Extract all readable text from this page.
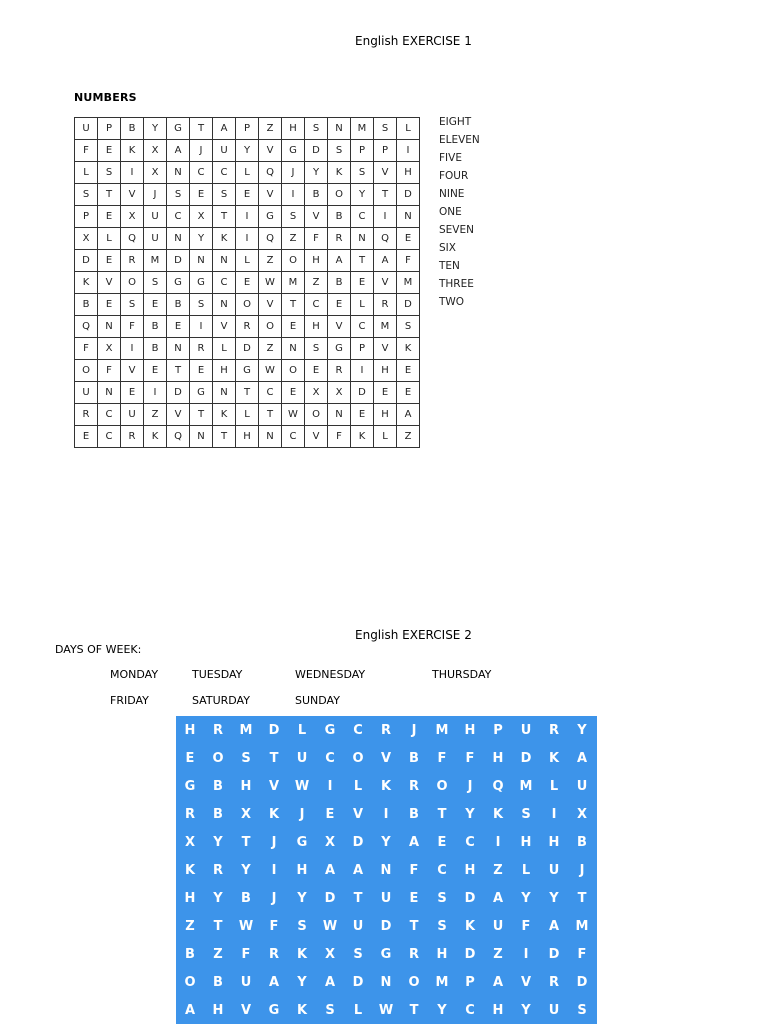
English EXERCISE 1
NUMBERS
U	P	B	Y	G	T	A	P	Z	H	S	N	M	S	L
F	E	K	X	A	J	U	Y	V	G	D	S	P	P	I
L	S	I	X	N	C	C	L	Q	J	Y	K	S	V	H
S	T	V	J	S	E	S	E	V	I	B	O	Y	T	D
P	E	X	U	C	X	T	I	G	S	V	B	C	I	N
X	L	Q	U	N	Y	K	I	Q	Z	F	R	N	Q	E
D	E	R	M	D	N	N	L	Z	O	H	A	T	A	F
K	V	O	S	G	G	C	E	W	M	Z	B	E	V	M
B	E	S	E	B	S	N	O	V	T	C	E	L	R	D
Q	N	F	B	E	I	V	R	O	E	H	V	C	M	S
F	X	I	B	N	R	L	D	Z	N	S	G	P	V	K
O	F	V	E	T	E	H	G	W	O	E	R	I	H	E
U	N	E	I	D	G	N	T	C	E	X	X	D	E	E
R	C	U	Z	V	T	K	L	T	W	O	N	E	H	A
E	C	R	K	Q	N	T	H	N	C	V	F	K	L	Z
EIGHT
ELEVEN
FIVE
FOUR
NINE
ONE
SEVEN
SIX
TEN
THREE
TWO
English EXERCISE 2
DAYS OF WEEK:
MONDAY	TUESDAY	WEDNESDAY	THURSDAY
FRIDAY	SATURDAY	SUNDAY
H	R	M	D	L	G	C	R	J	M	H	P	U	R	Y
E	O	S	T	U	C	O	V	B	F	F	H	D	K	A
G	B	H	V	W	I	L	K	R	O	J	Q	M	L	U
R	B	X	K	J	E	V	I	B	T	Y	K	S	I	X
X	Y	T	J	G	X	D	Y	A	E	C	I	H	H	B
K	R	Y	I	H	A	A	N	F	C	H	Z	L	U	J
H	Y	B	J	Y	D	T	U	E	S	D	A	Y	Y	T
Z	T	W	F	S	W	U	D	T	S	K	U	F	A	M
B	Z	F	R	K	X	S	G	R	H	D	Z	I	D	F
O	B	U	A	Y	A	D	N	O	M	P	A	V	R	D
A	H	V	G	K	S	L	W	T	Y	C	H	Y	U	S
